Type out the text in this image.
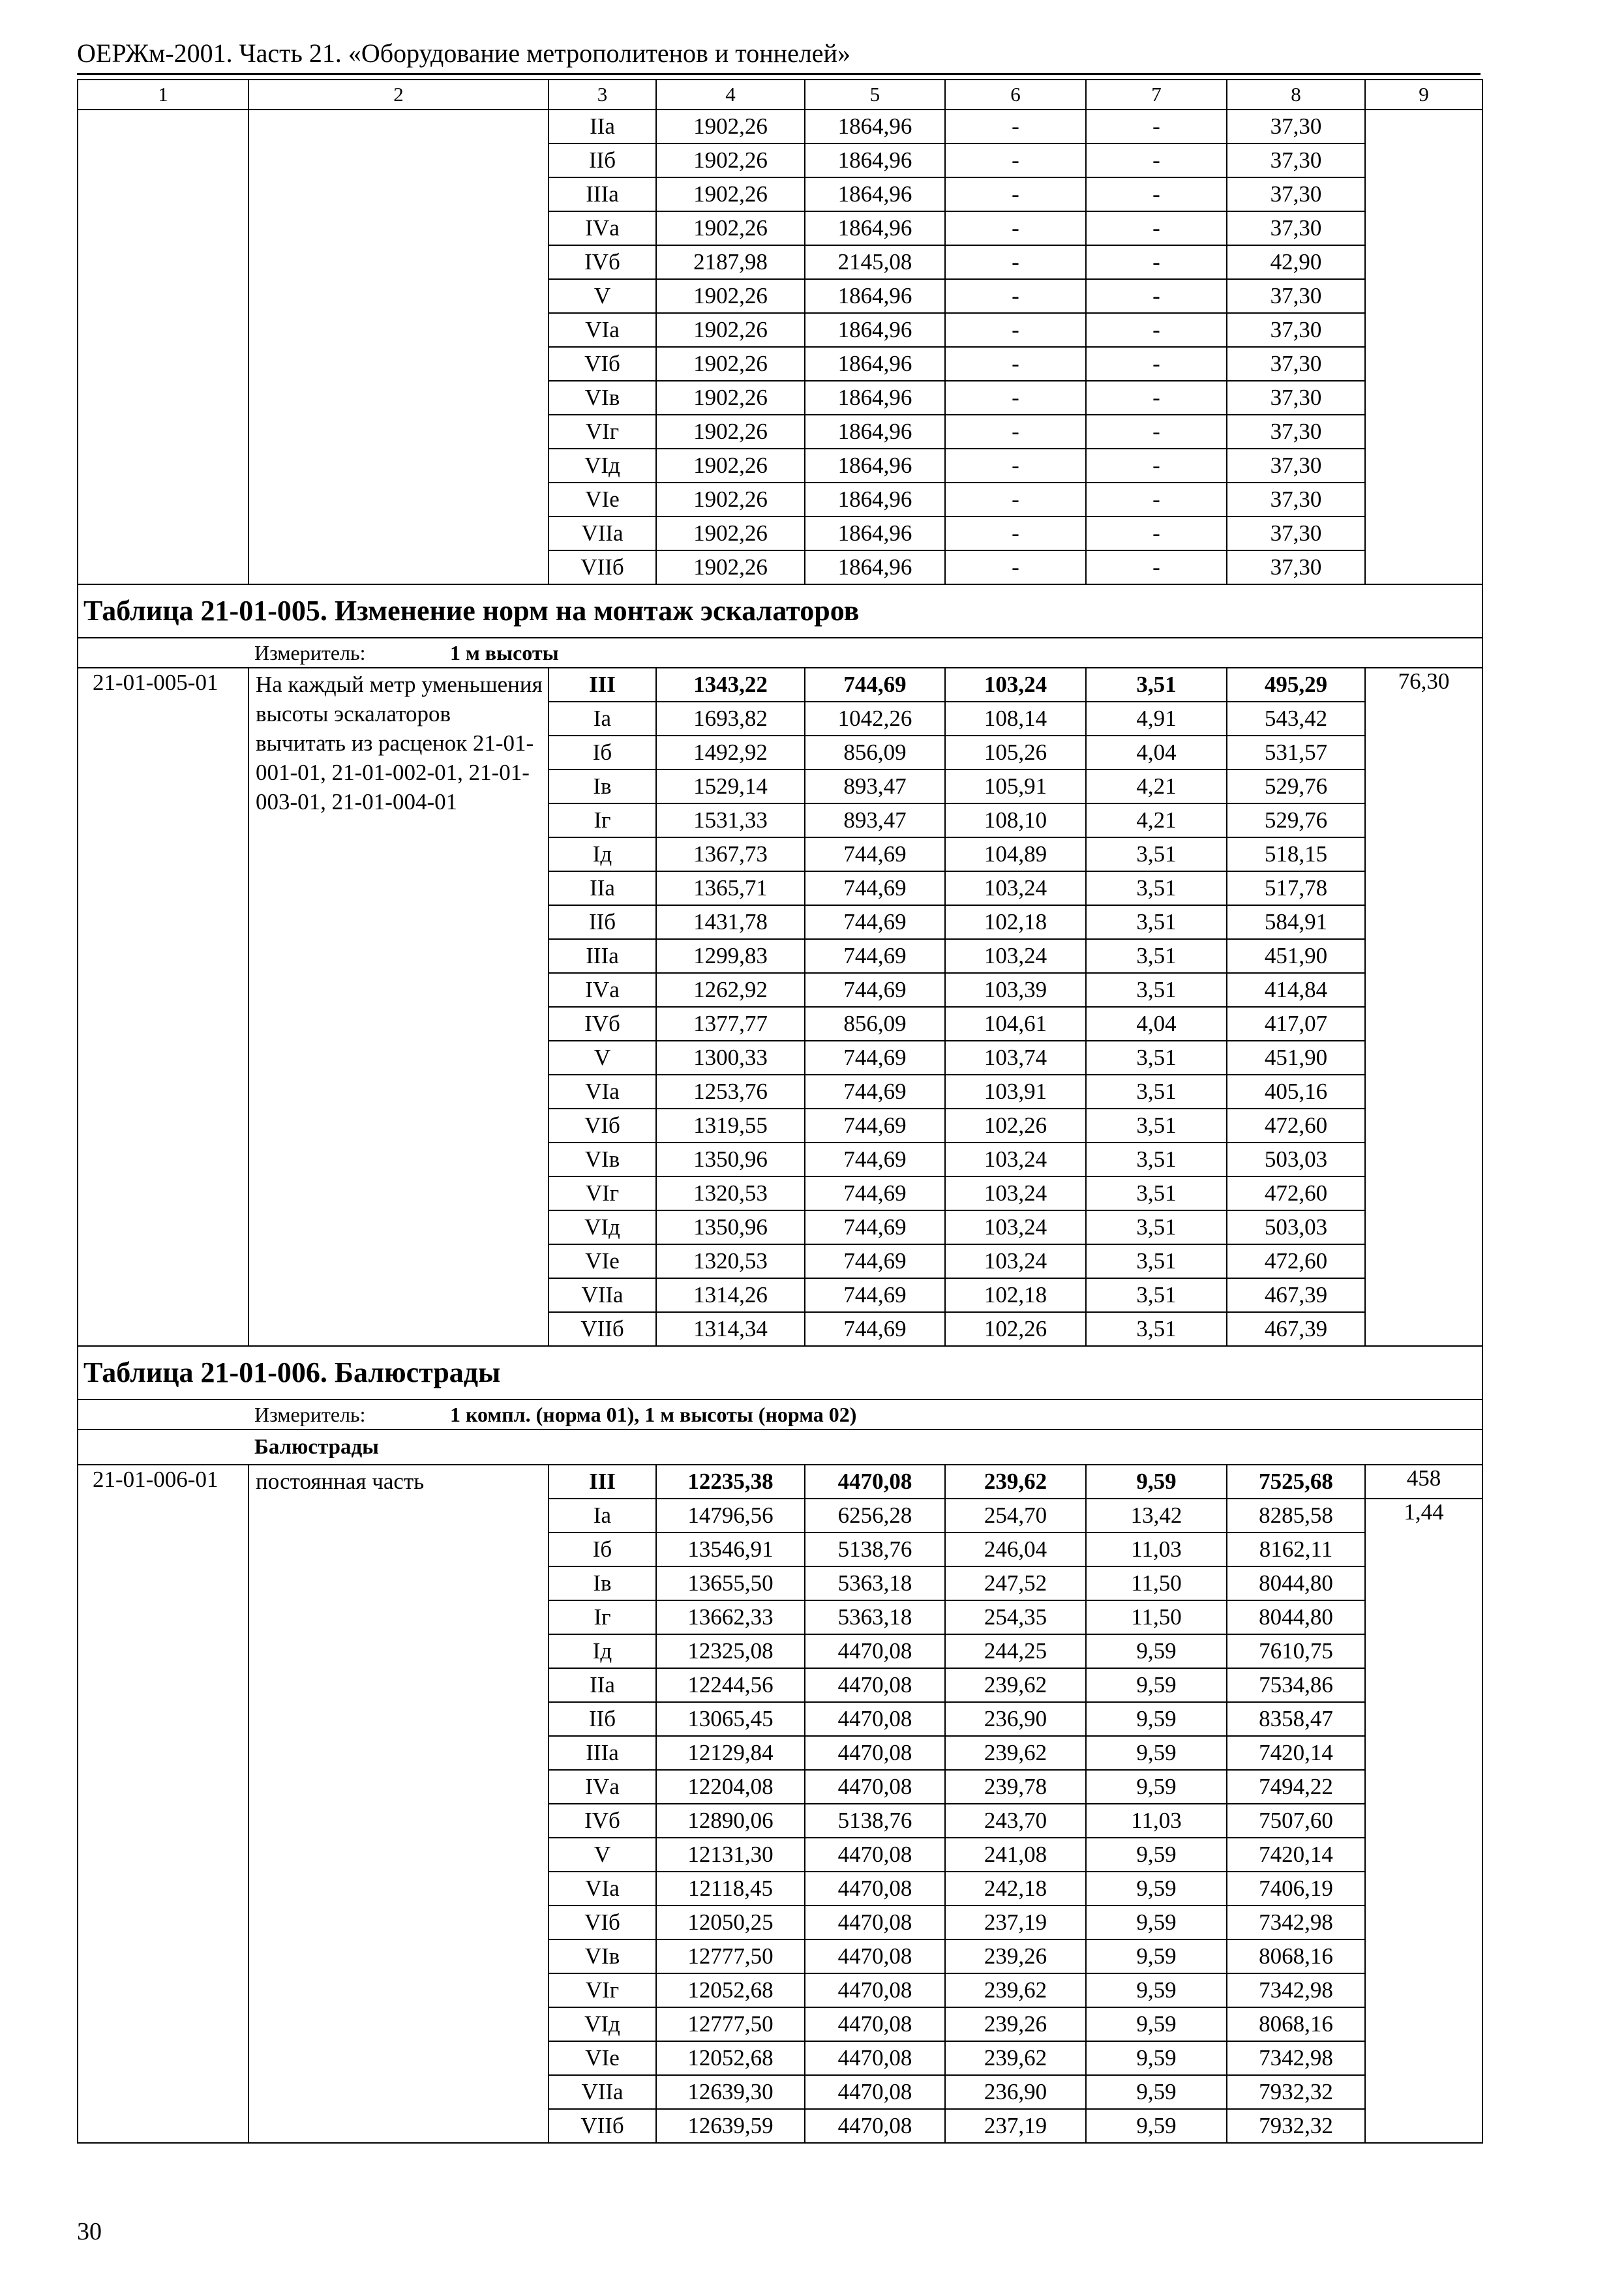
ОЕРЖм-2001. Часть 21. «Оборудование метрополитенов и тоннелей»
1	2	3	4	5	6	7	8	9
		IIа	1902,26	1864,96	-	-	37,30	
		IIб	1902,26	1864,96	-	-	37,30	
		IIIа	1902,26	1864,96	-	-	37,30	
		IVа	1902,26	1864,96	-	-	37,30	
		IVб	2187,98	2145,08	-	-	42,90	
		V	1902,26	1864,96	-	-	37,30	
		VIа	1902,26	1864,96	-	-	37,30	
		VIб	1902,26	1864,96	-	-	37,30	
		VIв	1902,26	1864,96	-	-	37,30	
		VIг	1902,26	1864,96	-	-	37,30	
		VIд	1902,26	1864,96	-	-	37,30	
		VIе	1902,26	1864,96	-	-	37,30	
		VIIа	1902,26	1864,96	-	-	37,30	
		VIIб	1902,26	1864,96	-	-	37,30	
Таблица 21-01-005. Изменение норм на монтаж эскалаторов								
Измеритель: 1 м высоты								
21-01-005-01	На каждый метр уменьшения высоты эскалаторов вычитать из расценок 21-01-001-01, 21-01-002-01, 21-01-003-01, 21-01-004-01	III	1343,22	744,69	103,24	3,51	495,29	76,30
		Iа	1693,82	1042,26	108,14	4,91	543,42	
		Iб	1492,92	856,09	105,26	4,04	531,57	
		Iв	1529,14	893,47	105,91	4,21	529,76	
		Iг	1531,33	893,47	108,10	4,21	529,76	
		Iд	1367,73	744,69	104,89	3,51	518,15	
		IIа	1365,71	744,69	103,24	3,51	517,78	
		IIб	1431,78	744,69	102,18	3,51	584,91	
		IIIа	1299,83	744,69	103,24	3,51	451,90	
		IVа	1262,92	744,69	103,39	3,51	414,84	
		IVб	1377,77	856,09	104,61	4,04	417,07	
		V	1300,33	744,69	103,74	3,51	451,90	
		VIа	1253,76	744,69	103,91	3,51	405,16	
		VIб	1319,55	744,69	102,26	3,51	472,60	
		VIв	1350,96	744,69	103,24	3,51	503,03	
		VIг	1320,53	744,69	103,24	3,51	472,60	
		VIд	1350,96	744,69	103,24	3,51	503,03	
		VIе	1320,53	744,69	103,24	3,51	472,60	
		VIIа	1314,26	744,69	102,18	3,51	467,39	
		VIIб	1314,34	744,69	102,26	3,51	467,39	
Таблица 21-01-006. Балюстрады								
Измеритель: 1 компл. (норма 01), 1 м высоты (норма 02)								
Балюстрады								
21-01-006-01	постоянная часть	III	12235,38	4470,08	239,62	9,59	7525,68	458
		Iа	14796,56	6256,28	254,70	13,42	8285,58	1,44
		Iб	13546,91	5138,76	246,04	11,03	8162,11	
		Iв	13655,50	5363,18	247,52	11,50	8044,80	
		Iг	13662,33	5363,18	254,35	11,50	8044,80	
		Iд	12325,08	4470,08	244,25	9,59	7610,75	
		IIа	12244,56	4470,08	239,62	9,59	7534,86	
		IIб	13065,45	4470,08	236,90	9,59	8358,47	
		IIIа	12129,84	4470,08	239,62	9,59	7420,14	
		IVа	12204,08	4470,08	239,78	9,59	7494,22	
		IVб	12890,06	5138,76	243,70	11,03	7507,60	
		V	12131,30	4470,08	241,08	9,59	7420,14	
		VIа	12118,45	4470,08	242,18	9,59	7406,19	
		VIб	12050,25	4470,08	237,19	9,59	7342,98	
		VIв	12777,50	4470,08	239,26	9,59	8068,16	
		VIг	12052,68	4470,08	239,62	9,59	7342,98	
		VIд	12777,50	4470,08	239,26	9,59	8068,16	
		VIе	12052,68	4470,08	239,62	9,59	7342,98	
		VIIа	12639,30	4470,08	236,90	9,59	7932,32	
		VIIб	12639,59	4470,08	237,19	9,59	7932,32	
30
